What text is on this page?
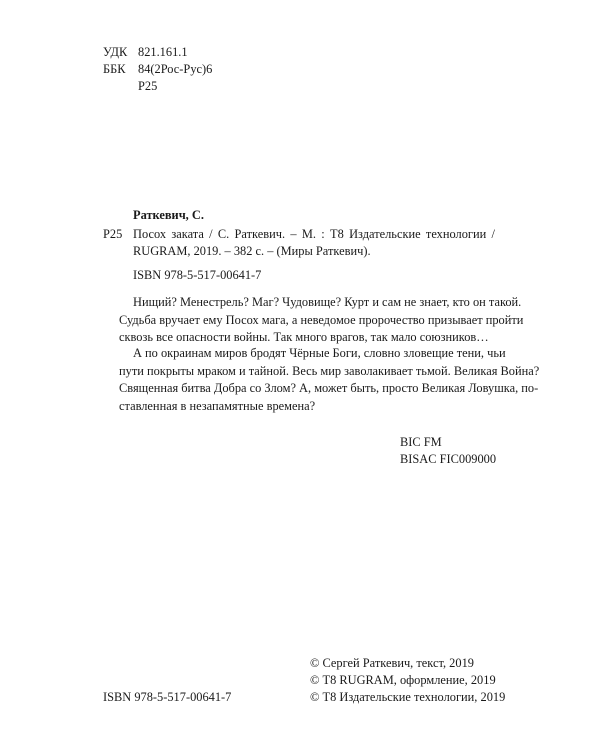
УДК 821.161.1
ББК 84(2Рос-Рус)6
Р25
Раткевич, С.
Р25 Посох заката / С. Раткевич. – М. : Т8 Издательские технологии /
RUGRAM, 2019. – 382 с. – (Миры Раткевич).
ISBN 978-5-517-00641-7
Нищий? Менестрель? Маг? Чудовище? Курт и сам не знает, кто он такой.
Судьба вручает ему Посох мага, а неведомое пророчество призывает пройти
сквозь все опасности войны. Так много врагов, так мало союзников…
А по окраинам миров бродят Чёрные Боги, словно зловещие тени, чьи
пути покрыты мраком и тайной. Весь мир заволакивает тьмой. Великая Война?
Священная битва Добра со Злом? А, может быть, просто Великая Ловушка, по-
ставленная в незапамятные времена?
BIC FM
BISAC FIC009000
© Сергей Раткевич, текст, 2019
© Т8 RUGRAM, оформление, 2019
© Т8 Издательские технологии, 2019
ISBN 978-5-517-00641-7
